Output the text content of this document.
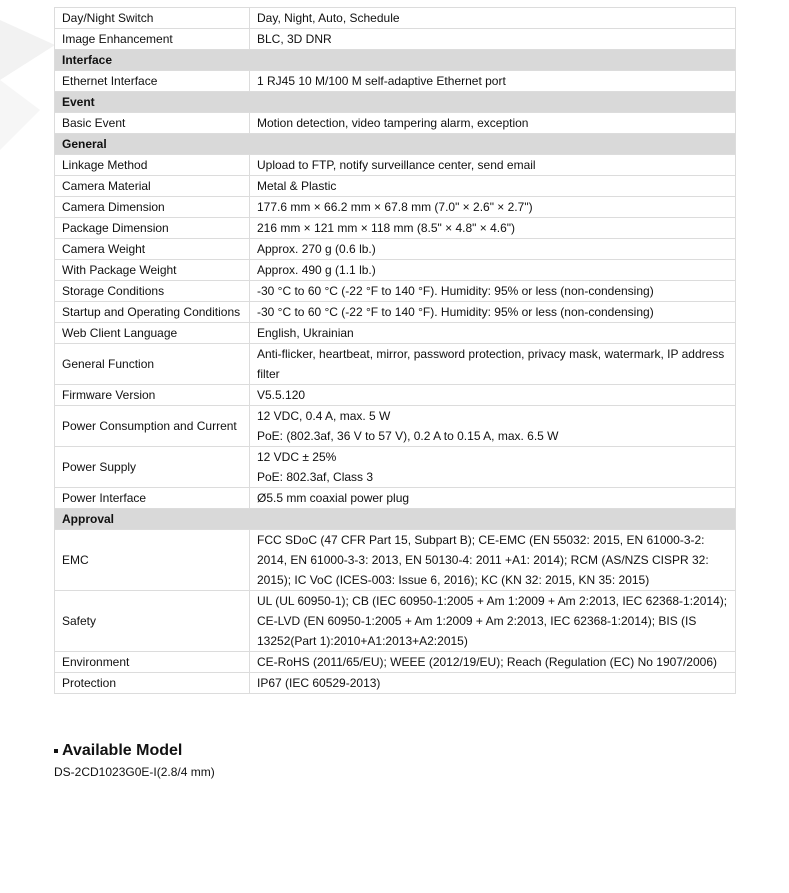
Day/Night Switch	Day, Night, Auto, Schedule

Image Enhancement	BLC, 3D DNR

Interface	
Ethernet Interface	1 RJ45 10 M/100 M self-adaptive Ethernet port

Event	
Basic Event	Motion detection, video tampering alarm, exception

General	
Linkage Method	Upload to FTP, notify surveillance center, send email

Camera Material	Metal & Plastic

Camera Dimension	177.6 mm × 66.2 mm × 67.8 mm (7.0" × 2.6" × 2.7")

Package Dimension	216 mm × 121 mm × 118 mm (8.5" × 4.8" × 4.6")

Camera Weight	Approx. 270 g (0.6 lb.)

With Package Weight	Approx. 490 g (1.1 lb.)

Storage Conditions	-30 °C to 60 °C (-22 °F to 140 °F). Humidity: 95% or less (non-condensing)

Startup and Operating Conditions	-30 °C to 60 °C (-22 °F to 140 °F). Humidity: 95% or less (non-condensing)

Web Client Language	English, Ukrainian

General Function	Anti-flicker, heartbeat, mirror, password protection, privacy mask, watermark, IP address filter

Firmware Version	V5.5.120

Power Consumption and Current	12 VDC, 0.4 A, max. 5 W
PoE: (802.3af, 36 V to 57 V), 0.2 A to 0.15 A, max. 6.5 W

Power Supply	12 VDC ± 25%
PoE: 802.3af, Class 3

Power Interface	Ø5.5 mm coaxial power plug

Approval	
EMC	FCC SDoC (47 CFR Part 15, Subpart B); CE-EMC (EN 55032: 2015, EN 61000-3-2: 2014, EN 61000-3-3: 2013, EN 50130-4: 2011 +A1: 2014); RCM (AS/NZS CISPR 32: 2015); IC VoC (ICES-003: Issue 6, 2016); KC (KN 32: 2015, KN 35: 2015)

Safety	UL (UL 60950-1); CB (IEC 60950-1:2005 + Am 1:2009 + Am 2:2013, IEC 62368-1:2014); CE-LVD (EN 60950-1:2005 + Am 1:2009 + Am 2:2013, IEC 62368-1:2014); BIS (IS 13252(Part 1):2010+A1:2013+A2:2015)

Environment	CE-RoHS (2011/65/EU); WEEE (2012/19/EU); Reach (Regulation (EC) No 1907/2006)

Protection	IP67 (IEC 60529-2013)
Available Model
DS-2CD1023G0E-I(2.8/4 mm)
